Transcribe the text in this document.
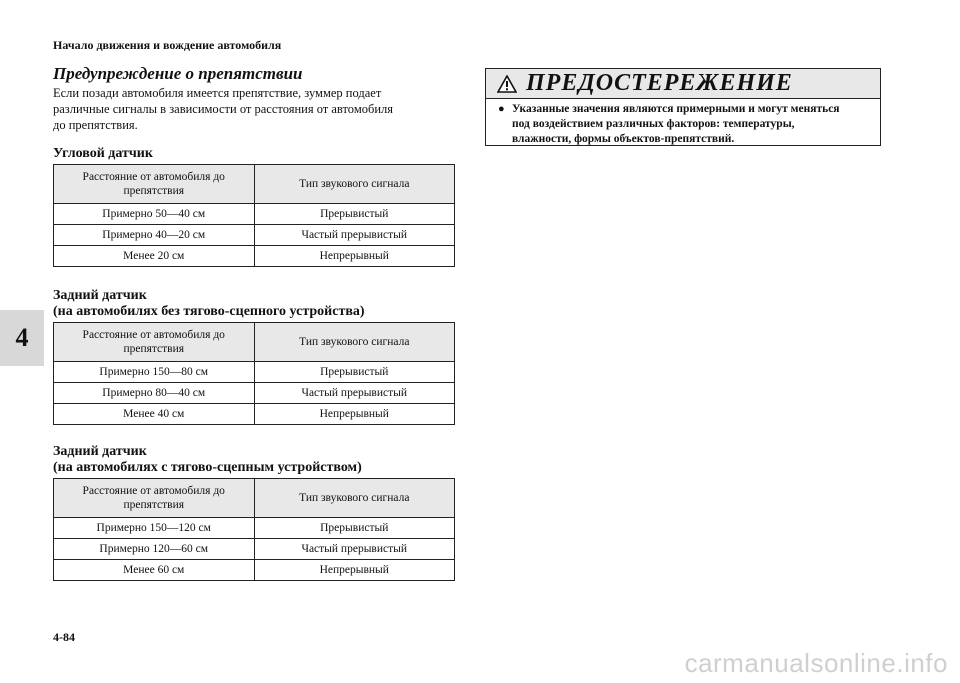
Начало движения и вождение автомобиля
4
Предупреждение о препятствии
Если позади автомобиля имеется препятствие, зуммер подает
различные сигналы в зависимости от расстояния от автомобиля
до препятствия.
Угловой датчик
Расстояние от автомобиля до препятствия	Тип звукового сигнала
Примерно 50—40 см	Прерывистый
Примерно 40—20 см	Частый прерывистый
Менее 20 см	Непрерывный
Задний датчик
(на автомобилях без тягово-сцепного устройства)
Расстояние от автомобиля до препятствия	Тип звукового сигнала
Примерно 150—80 см	Прерывистый
Примерно 80—40 см	Частый прерывистый
Менее 40 см	Непрерывный
Задний датчик
(на автомобилях с тягово-сцепным устройством)
Расстояние от автомобиля до препятствия	Тип звукового сигнала
Примерно 150—120 см	Прерывистый
Примерно 120—60 см	Частый прерывистый
Менее 60 см	Непрерывный
ПРЕДОСТЕРЕЖЕНИЕ
● Указанные значения являются примерными и могут меняться
под воздействием различных факторов: температуры,
влажности, формы объектов-препятствий.
4-84
carmanualsonline.info
